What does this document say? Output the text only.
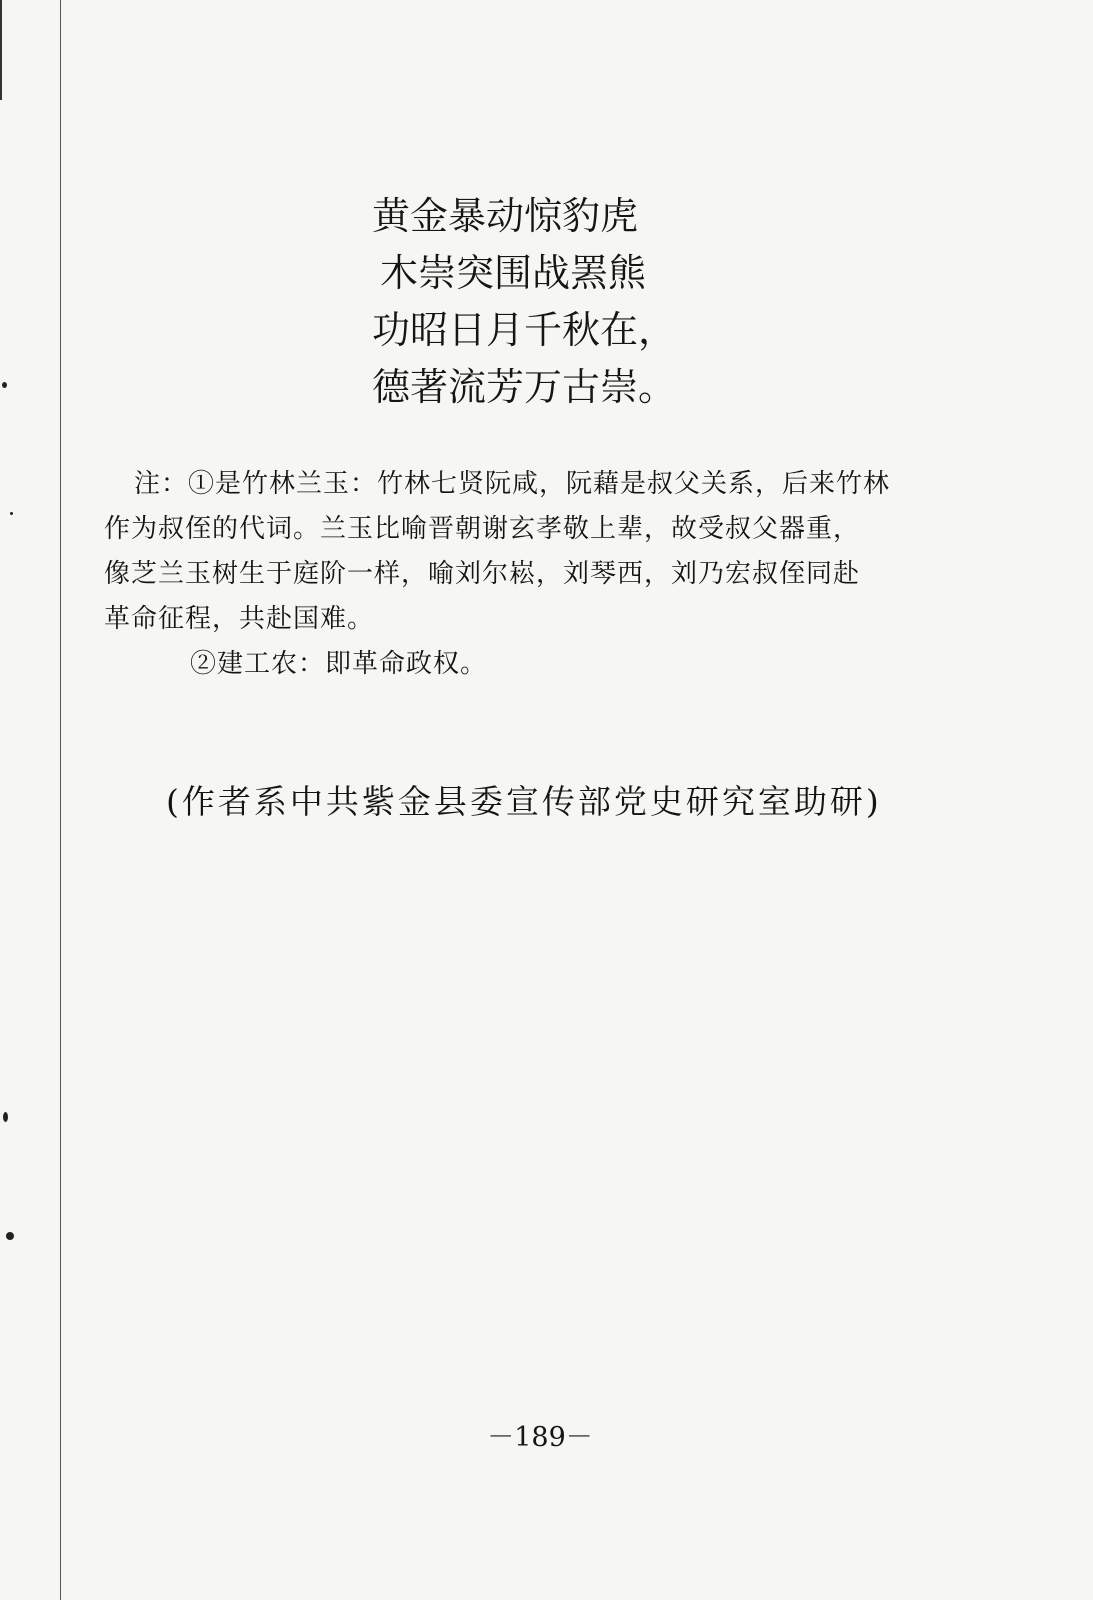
黄金暴动惊豹虎
木崇突围战罴熊
功昭日月千秋在，
德著流芳万古崇。
注：①是竹林兰玉：竹林七贤阮咸，阮藉是叔父关系，后来竹林
作为叔侄的代词。兰玉比喻晋朝谢玄孝敬上辈，故受叔父器重，
像芝兰玉树生于庭阶一样，喻刘尔崧，刘琴西，刘乃宏叔侄同赴
革命征程，共赴国难。
②建工农：即革命政权。
(作者系中共紫金县委宣传部党史研究室助研)
－189－
